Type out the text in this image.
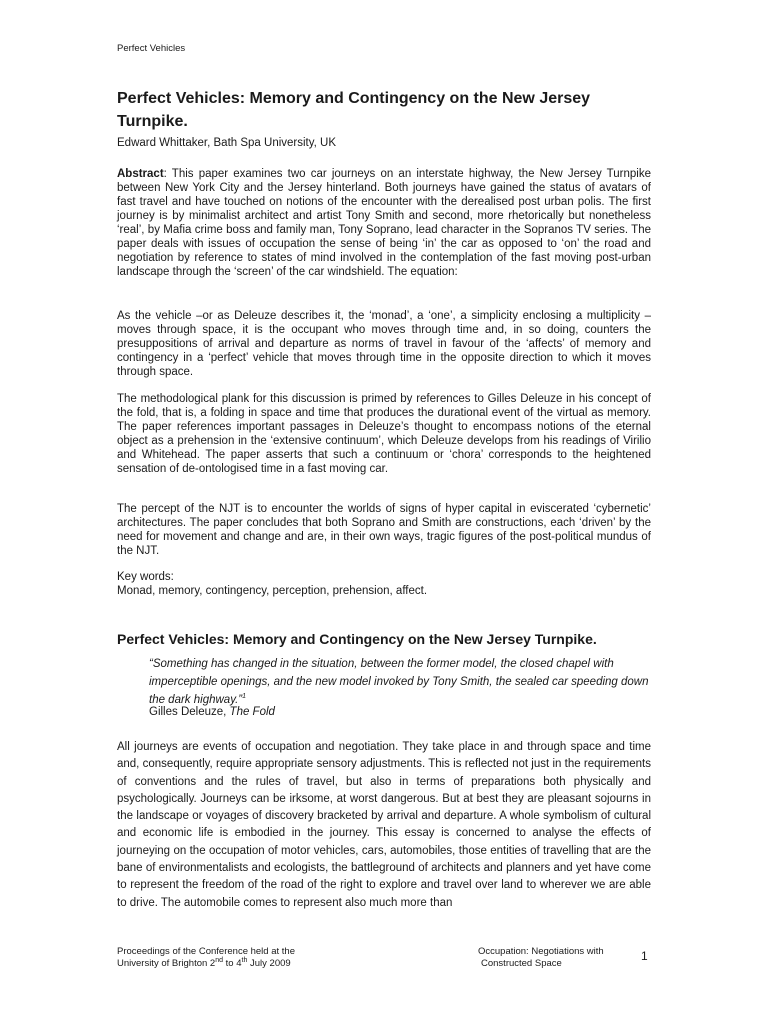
Perfect Vehicles
Perfect Vehicles: Memory and Contingency on the New Jersey Turnpike.
Edward Whittaker, Bath Spa University, UK

Abstract: This paper examines two car journeys on an interstate highway, the New Jersey Turnpike between New York City and the Jersey hinterland. Both journeys have gained the status of avatars of fast travel and have touched on notions of the encounter with the derealised post urban polis. The first journey is by minimalist architect and artist Tony Smith and second, more rhetorically but nonetheless ‘real’, by Mafia crime boss and family man, Tony Soprano, lead character in the Sopranos TV series. The paper deals with issues of occupation the sense of being ‘in’ the car as opposed to ‘on’ the road and negotiation by reference to states of mind involved in the contemplation of the fast moving post-urban landscape through the ‘screen’ of the car windshield. The equation:

As the vehicle –or as Deleuze describes it, the ‘monad’, a ‘one’, a simplicity enclosing a multiplicity – moves through space, it is the occupant who moves through time and, in so doing, counters the presuppositions of arrival and departure as norms of travel in favour of the ‘affects’ of memory and contingency in a ‘perfect’ vehicle that moves through time in the opposite direction to which it moves through space.

The methodological plank for this discussion is primed by references to Gilles Deleuze in his concept of the fold, that is, a folding in space and time that produces the durational event of the virtual as memory. The paper references important passages in Deleuze’s thought to encompass notions of the eternal object as a prehension in the ‘extensive continuum’, which Deleuze develops from his readings of Virilio and Whitehead. The paper asserts that such a continuum or ‘chora’ corresponds to the heightened sensation of de-ontologised time in a fast moving car.

The percept of the NJT is to encounter the worlds of signs of hyper capital in eviscerated ‘cybernetic’ architectures. The paper concludes that both Soprano and Smith are constructions, each ‘driven’ by the need for movement and change and are, in their own ways, tragic figures of the post-political mundus of the NJT.

Key words:
Monad, memory, contingency, perception, prehension, affect.
Perfect Vehicles: Memory and Contingency on the New Jersey Turnpike.

“Something has changed in the situation, between the former model, the closed chapel with imperceptible openings, and the new model invoked by Tony Smith, the sealed car speeding down the dark highway.”$^1$

Gilles Deleuze, The Fold

All journeys are events of occupation and negotiation. They take place in and through space and time and, consequently, require appropriate sensory adjustments. This is reflected not just in the requirements of conventions and the rules of travel, but also in terms of preparations both physically and psychologically. Journeys can be irksome, at worst dangerous. But at best they are pleasant sojourns in the landscape or voyages of discovery bracketed by arrival and departure. A whole symbolism of cultural and economic life is embodied in the journey. This essay is concerned to analyse the effects of journeying on the occupation of motor vehicles, cars, automobiles, those entities of travelling that are the bane of environmentalists and ecologists, the battleground of architects and planners and yet have come to represent the freedom of the road of the right to explore and travel over land to wherever we are able to drive. The automobile comes to represent also much more than

Proceedings of the Conference held at the
University of Brighton 2nd to 4th July 2009
Occupation: Negotiations with
Constructed Space
1
